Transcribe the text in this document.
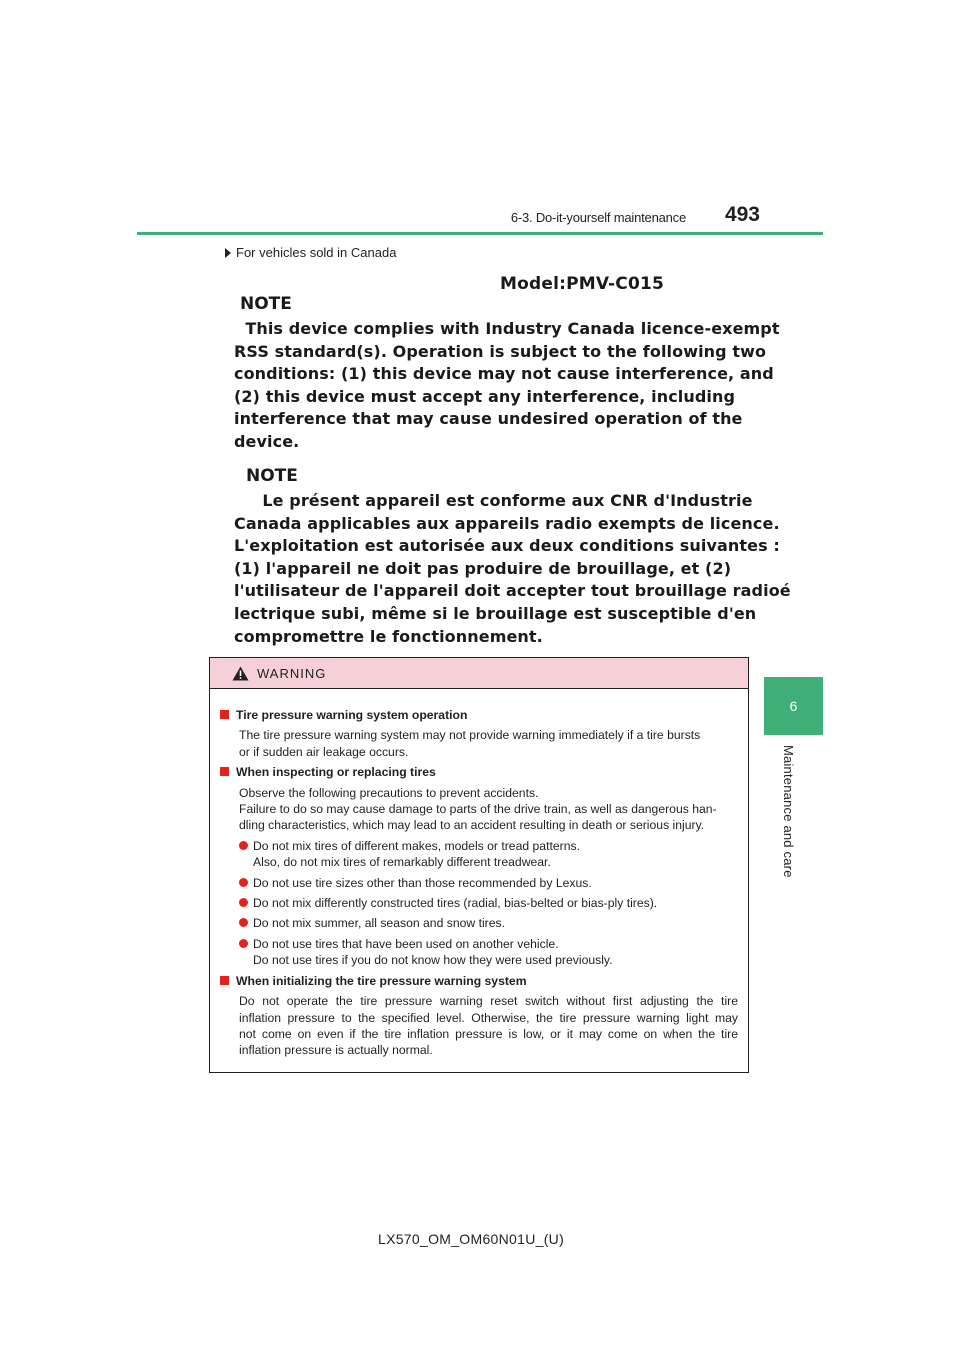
6-3. Do-it-yourself maintenance	493
6
Maintenance and care
For vehicles sold in Canada
Model:PMV-C015
NOTE
This device complies with Industry Canada licence-exempt
RSS standard(s). Operation is subject to the following two
conditions: (1) this device may not cause interference, and
(2) this device must accept any interference, including
interference that may cause undesired operation of the
device.
NOTE
Le présent appareil est conforme aux CNR d'Industrie
Canada applicables aux appareils radio exempts de licence.
L'exploitation est autorisée aux deux conditions suivantes :
(1) l'appareil ne doit pas produire de brouillage, et (2)
l'utilisateur de l'appareil doit accepter tout brouillage radioé
lectrique subi, même si le brouillage est susceptible d'en
compromettre le fonctionnement.
WARNING
Tire pressure warning system operation
The tire pressure warning system may not provide warning immediately if a tire bursts
or if sudden air leakage occurs.
When inspecting or replacing tires
Observe the following precautions to prevent accidents.
Failure to do so may cause damage to parts of the drive train, as well as dangerous han-
dling characteristics, which may lead to an accident resulting in death or serious injury.
Do not mix tires of different makes, models or tread patterns.
Also, do not mix tires of remarkably different treadwear.
Do not use tire sizes other than those recommended by Lexus.
Do not mix differently constructed tires (radial, bias-belted or bias-ply tires).
Do not mix summer, all season and snow tires.
Do not use tires that have been used on another vehicle.
Do not use tires if you do not know how they were used previously.
When initializing the tire pressure warning system
Do not operate the tire pressure warning reset switch without first adjusting the tire
inflation pressure to the specified level. Otherwise, the tire pressure warning light may
not come on even if the tire inflation pressure is low, or it may come on when the tire
inflation pressure is actually normal.
LX570_OM_OM60N01U_(U)
